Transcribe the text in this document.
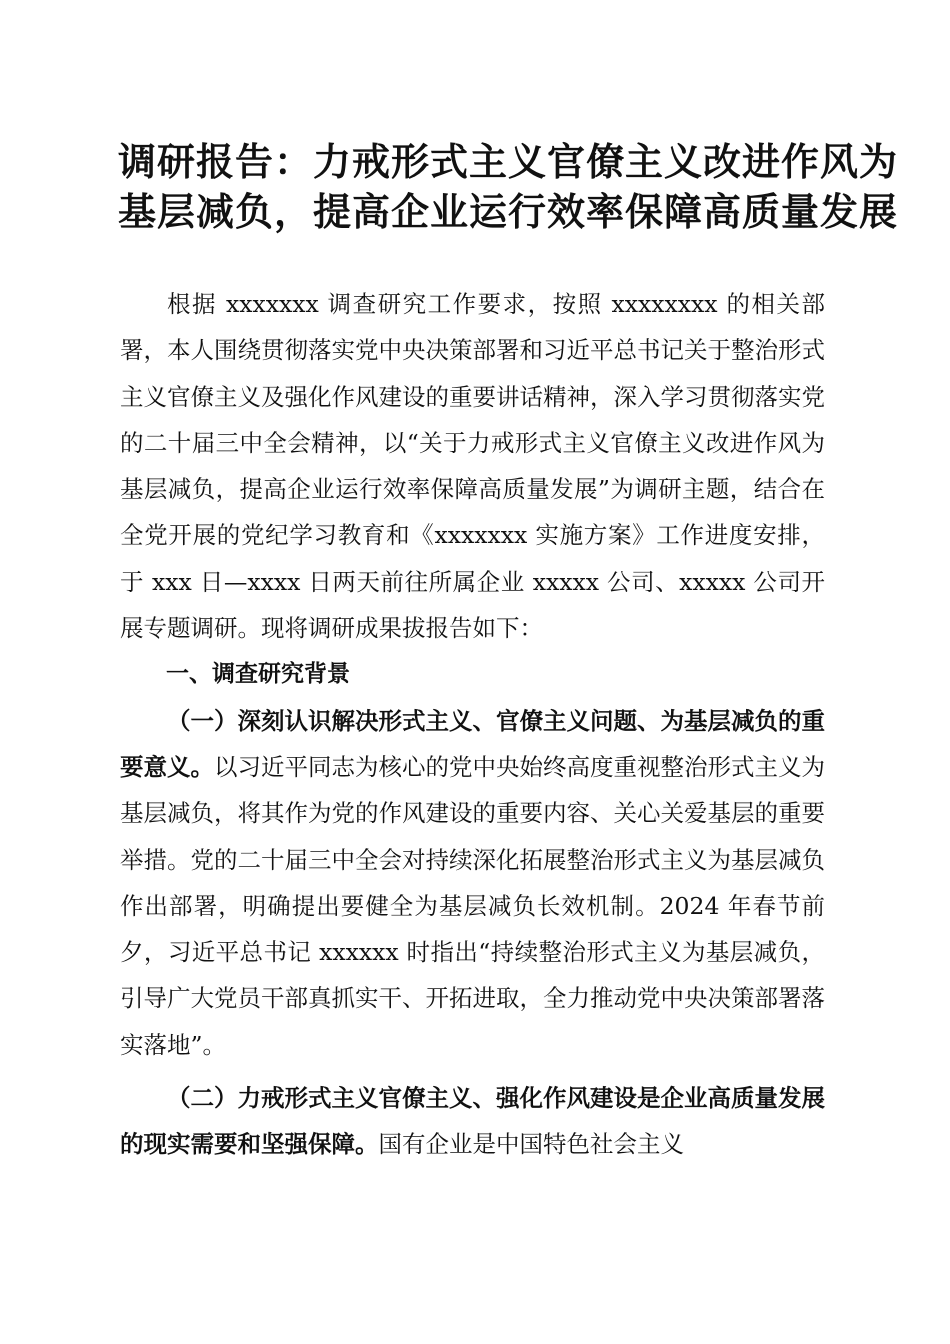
调研报告：力戒形式主义官僚主义改进作风为
基层减负，提高企业运行效率保障高质量发展

根据 xxxxxxx 调查研究工作要求，按照 xxxxxxxx 的相关部署，本人围绕贯彻落实党中央决策部署和习近平总书记关于整治形式主义官僚主义及强化作风建设的重要讲话精神，深入学习贯彻落实党的二十届三中全会精神，以“关于力戒形式主义官僚主义改进作风为基层减负，提高企业运行效率保障高质量发展”为调研主题，结合在全党开展的党纪学习教育和《xxxxxxx 实施方案》工作进度安排，于 xxx 日—xxxx 日两天前往所属企业 xxxxx 公司、xxxxx 公司开展专题调研。现将调研成果拔报告如下：

一、调查研究背景

（一）深刻认识解决形式主义、官僚主义问题、为基层减负的重要意义。以习近平同志为核心的党中央始终高度重视整治形式主义为基层减负，将其作为党的作风建设的重要内容、关心关爱基层的重要举措。党的二十届三中全会对持续深化拓展整治形式主义为基层减负作出部署，明确提出要健全为基层减负长效机制。2024 年春节前夕，习近平总书记 xxxxxx 时指出“持续整治形式主义为基层减负，引导广大党员干部真抓实干、开拓进取，全力推动党中央决策部署落实落地”。

（二）力戒形式主义官僚主义、强化作风建设是企业高质量发展的现实需要和坚强保障。国有企业是中国特色社会主义
